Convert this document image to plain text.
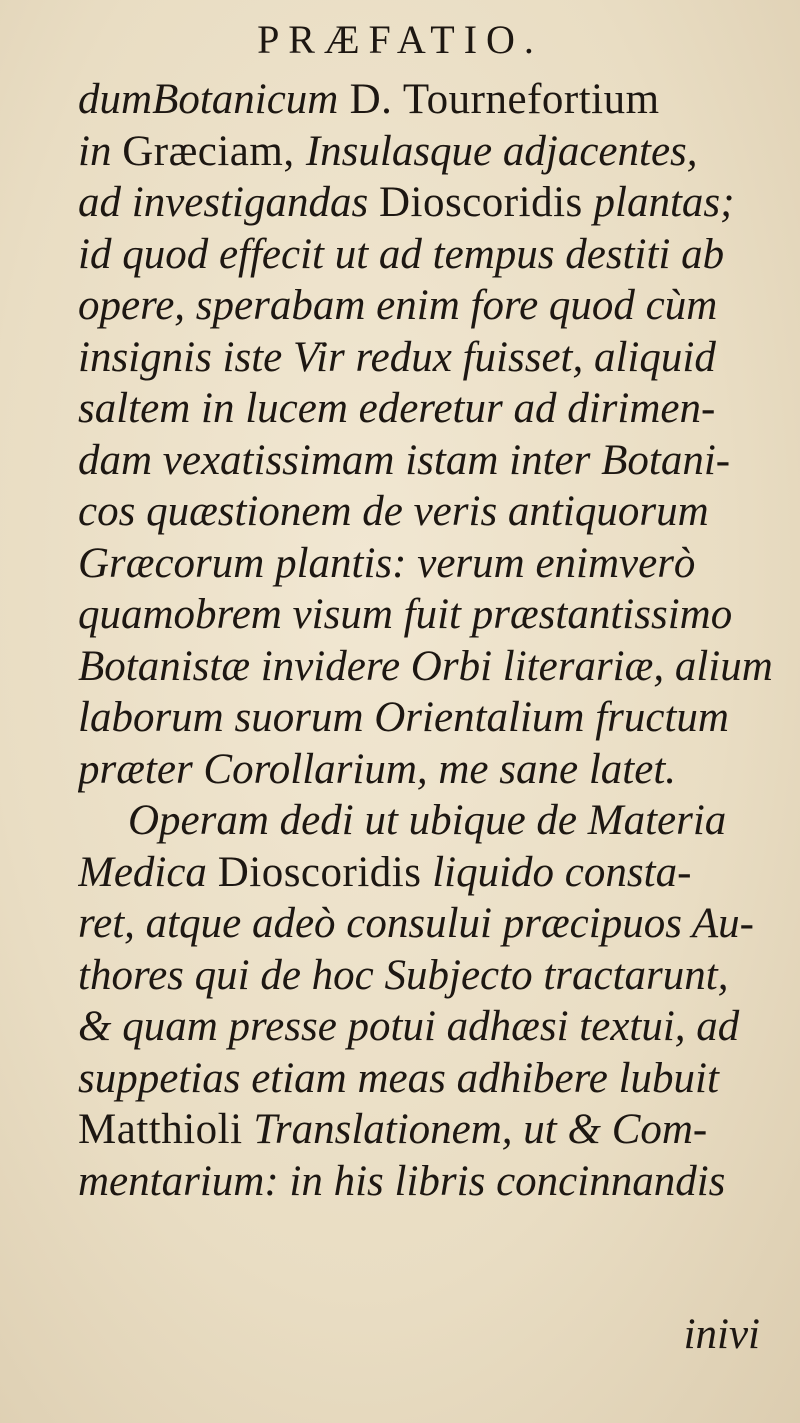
PRÆFATIO.
dumBotanicum D. Tournefortium
in Græciam, Insulasque adjacentes,
ad investigandas Dioscoridis plantas;
id quod effecit ut ad tempus destiti ab
opere, sperabam enim fore quod cùm
insignis iste Vir redux fuisset, aliquid
saltem in lucem ederetur ad dirimen-
dam vexatissimam istam inter Botani-
cos quæstionem de veris antiquorum
Græcorum plantis: verum enimverò
quamobrem visum fuit præstantissimo
Botanistæ invidere Orbi literariæ, alium
laborum suorum Orientalium fructum
præter Corollarium, me sane latet.
Operam dedi ut ubique de Materia
Medica Dioscoridis liquido consta-
ret, atque adeò consului præcipuos Au-
thores qui de hoc Subjecto tractarunt,
& quam presse potui adhæsi textui, ad
suppetias etiam meas adhibere lubuit
Matthioli Translationem, ut & Com-
mentarium: in his libris concinnandis
inivi
